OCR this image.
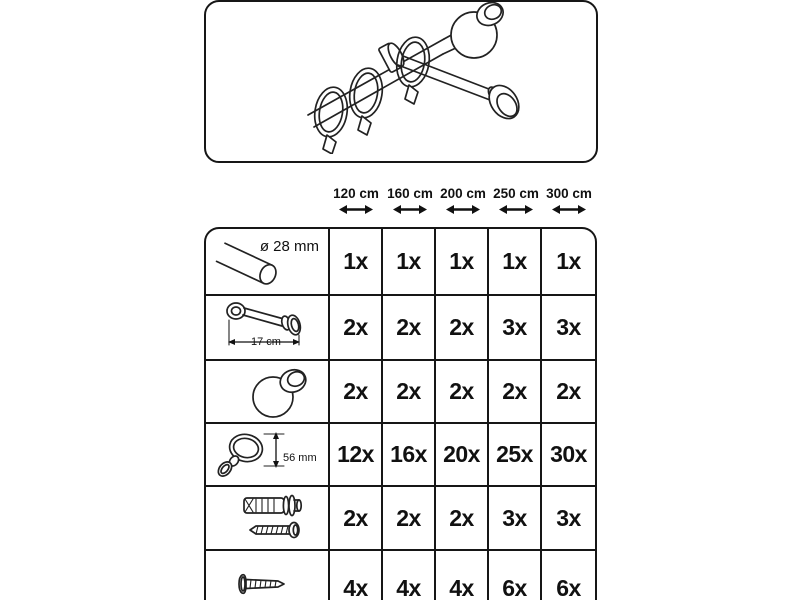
120 cm 160 cm 200 cm 250 cm 300 cm
ø 28 mm
1x	1x	1x	1x	1x
17 cm
2x	2x	2x	3x	3x
2x	2x	2x	2x	2x
56 mm 12x 16x 20x 25x 30x
2x	2x	2x	3x	3x
4x	4x	4x	6x	6x
